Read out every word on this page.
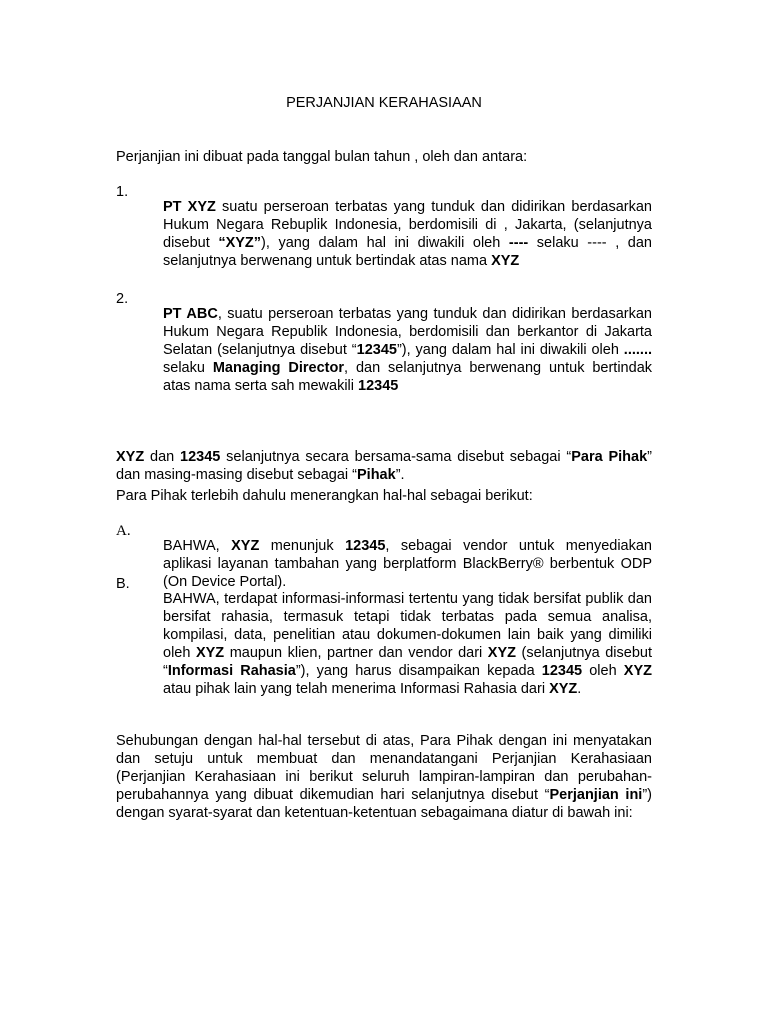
PERJANJIAN KERAHASIAAN

Perjanjian ini dibuat pada tanggal bulan tahun , oleh dan antara:

1.

PT XYZ suatu perseroan terbatas yang tunduk dan didirikan berdasarkan Hukum Negara Rebuplik Indonesia, berdomisili di , Jakarta, (selanjutnya disebut “XYZ”), yang dalam hal ini diwakili oleh ---- selaku ---- , dan selanjutnya berwenang untuk bertindak atas nama XYZ

2.

PT ABC, suatu perseroan terbatas yang tunduk dan didirikan berdasarkan Hukum Negara Republik Indonesia, berdomisili dan berkantor di Jakarta Selatan (selanjutnya disebut “12345”), yang dalam hal ini diwakili oleh ....... selaku Managing Director, dan selanjutnya berwenang untuk bertindak atas nama serta sah mewakili 12345

XYZ dan 12345 selanjutnya secara bersama-sama disebut sebagai “Para Pihak” dan masing-masing disebut sebagai “Pihak”.

Para Pihak terlebih dahulu menerangkan hal-hal sebagai berikut:

A.

BAHWA, XYZ menunjuk 12345, sebagai vendor untuk menyediakan aplikasi layanan tambahan yang berplatform BlackBerry® berbentuk ODP (On Device Portal).

B.

BAHWA, terdapat informasi-informasi tertentu yang tidak bersifat publik dan bersifat rahasia, termasuk tetapi tidak terbatas pada semua analisa, kompilasi, data, penelitian atau dokumen-dokumen lain baik yang dimiliki oleh XYZ maupun klien, partner dan vendor dari XYZ (selanjutnya disebut “Informasi Rahasia”), yang harus disampaikan kepada 12345 oleh XYZ atau pihak lain yang telah menerima Informasi Rahasia dari XYZ.

Sehubungan dengan hal-hal tersebut di atas, Para Pihak dengan ini menyatakan dan setuju untuk membuat dan menandatangani Perjanjian Kerahasiaan (Perjanjian Kerahasiaan ini berikut seluruh lampiran-lampiran dan perubahan-perubahannya yang dibuat dikemudian hari selanjutnya disebut “Perjanjian ini”) dengan syarat-syarat dan ketentuan-ketentuan sebagaimana diatur di bawah ini:
